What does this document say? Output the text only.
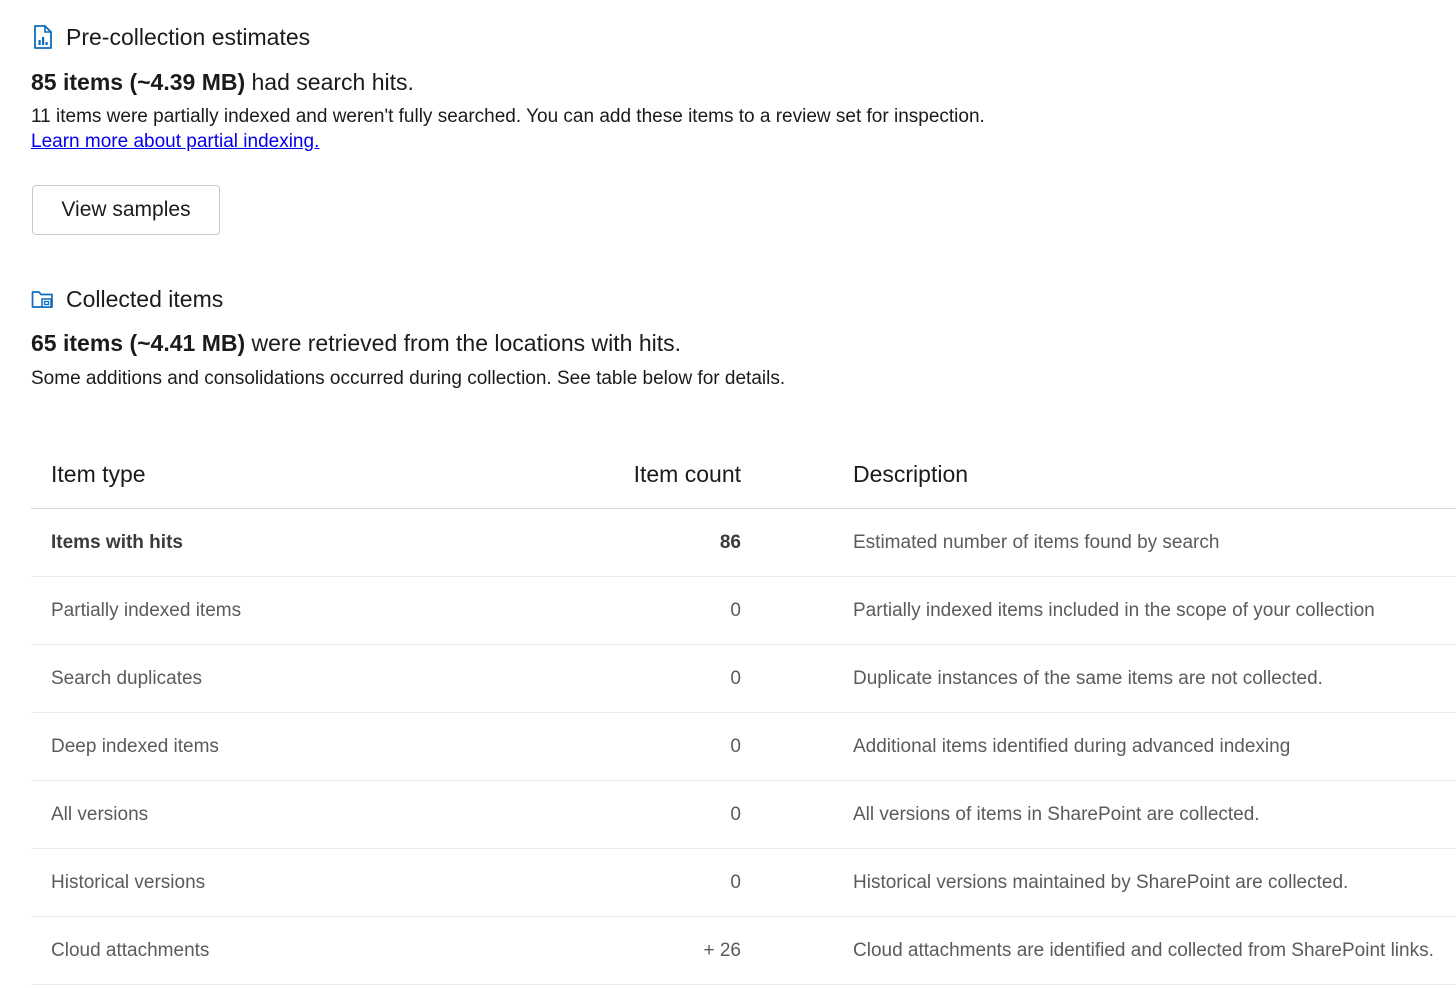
Pre-collection estimates
85 items (~4.39 MB) had search hits.
11 items were partially indexed and weren't fully searched. You can add these items to a review set for inspection.
Learn more about partial indexing.
View samples
Collected items
65 items (~4.41 MB) were retrieved from the locations with hits.
Some additions and consolidations occurred during collection. See table below for details.
Item type	Item count	Description
Items with hits	86	Estimated number of items found by search
Partially indexed items	0	Partially indexed items included in the scope of your collection
Search duplicates	0	Duplicate instances of the same items are not collected.
Deep indexed items	0	Additional items identified during advanced indexing
All versions	0	All versions of items in SharePoint are collected.
Historical versions	0	Historical versions maintained by SharePoint are collected.
Cloud attachments	+ 26	Cloud attachments are identified and collected from SharePoint links.
